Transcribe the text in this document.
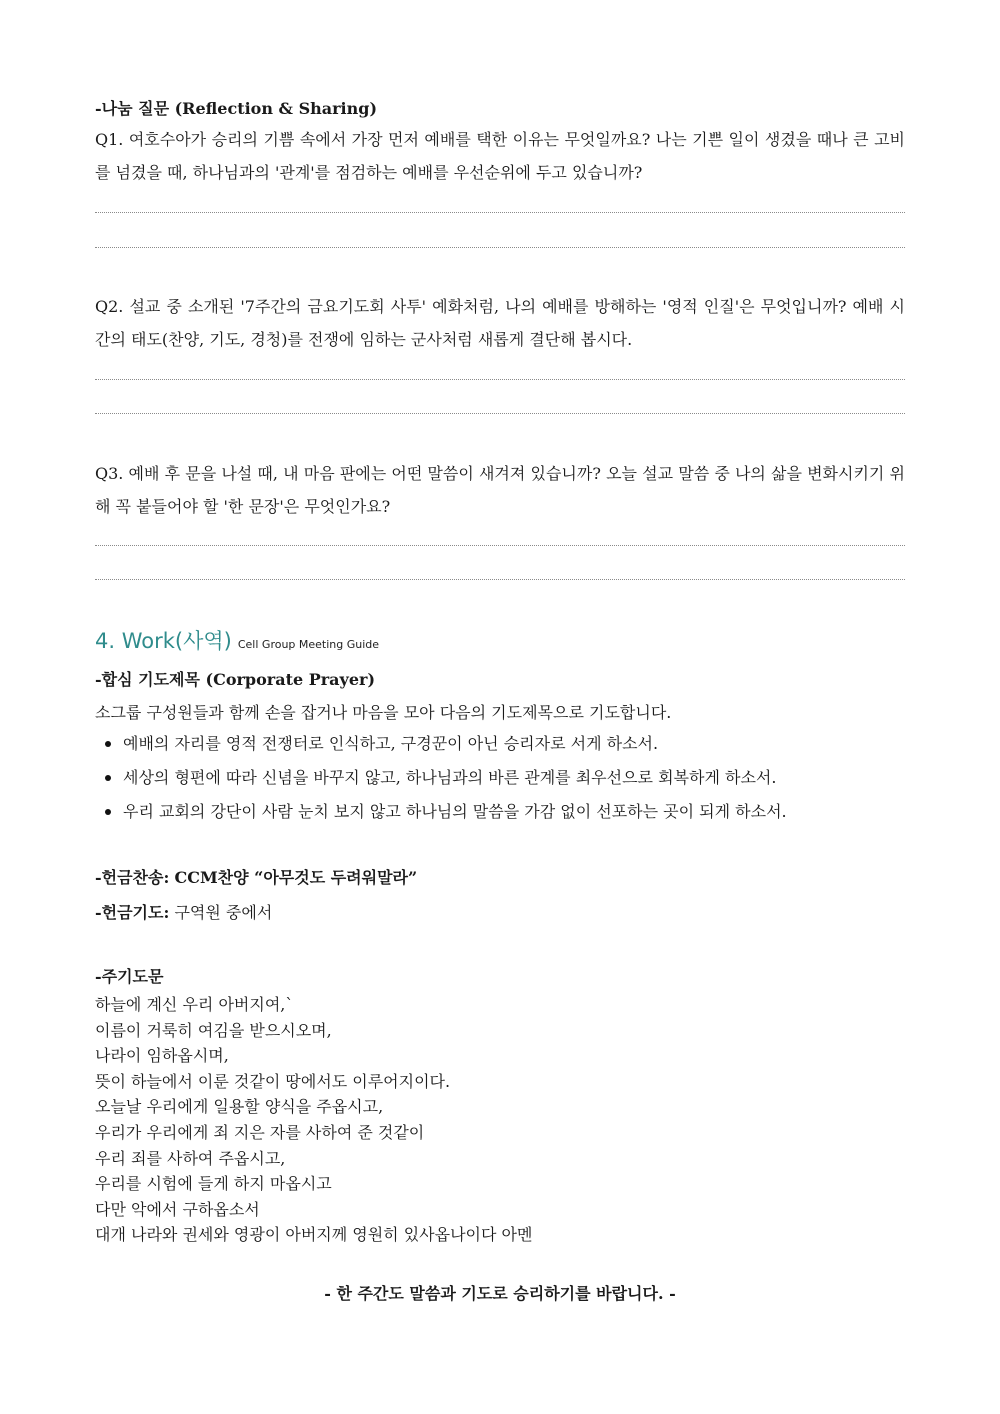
-나눔 질문 (Reflection & Sharing)
Q1. 여호수아가 승리의 기쁨 속에서 가장 먼저 예배를 택한 이유는 무엇일까요? 나는 기쁜 일이 생겼을 때나 큰 고비를 넘겼을 때, 하나님과의 '관계'를 점검하는 예배를 우선순위에 두고 있습니까?
Q2. 설교 중 소개된 '7주간의 금요기도회 사투' 예화처럼, 나의 예배를 방해하는 '영적 인질'은 무엇입니까? 예배 시간의 태도(찬양, 기도, 경청)를 전쟁에 임하는 군사처럼 새롭게 결단해 봅시다.
Q3. 예배 후 문을 나설 때, 내 마음 판에는 어떤 말씀이 새겨져 있습니까? 오늘 설교 말씀 중 나의 삶을 변화시키기 위해 꼭 붙들어야 할 '한 문장'은 무엇인가요?
4. Work(사역) Cell Group Meeting Guide
-합심 기도제목 (Corporate Prayer)
소그룹 구성원들과 함께 손을 잡거나 마음을 모아 다음의 기도제목으로 기도합니다.
예배의 자리를 영적 전쟁터로 인식하고, 구경꾼이 아닌 승리자로 서게 하소서.
세상의 형편에 따라 신념을 바꾸지 않고, 하나님과의 바른 관계를 최우선으로 회복하게 하소서.
우리 교회의 강단이 사람 눈치 보지 않고 하나님의 말씀을 가감 없이 선포하는 곳이 되게 하소서.
-헌금찬송: CCM찬양 “아무것도 두려워말라”
-헌금기도: 구역원 중에서
-주기도문
하늘에 계신 우리 아버지여,`
이름이 거룩히 여김을 받으시오며,
나라이 임하옵시며,
뜻이 하늘에서 이룬 것같이 땅에서도 이루어지이다.
오늘날 우리에게 일용할 양식을 주옵시고,
우리가 우리에게 죄 지은 자를 사하여 준 것같이
우리 죄를 사하여 주옵시고,
우리를 시험에 들게 하지 마옵시고
다만 악에서 구하옵소서
대개 나라와 권세와 영광이 아버지께 영원히 있사옵나이다 아멘
- 한 주간도 말씀과 기도로 승리하기를 바랍니다. -
